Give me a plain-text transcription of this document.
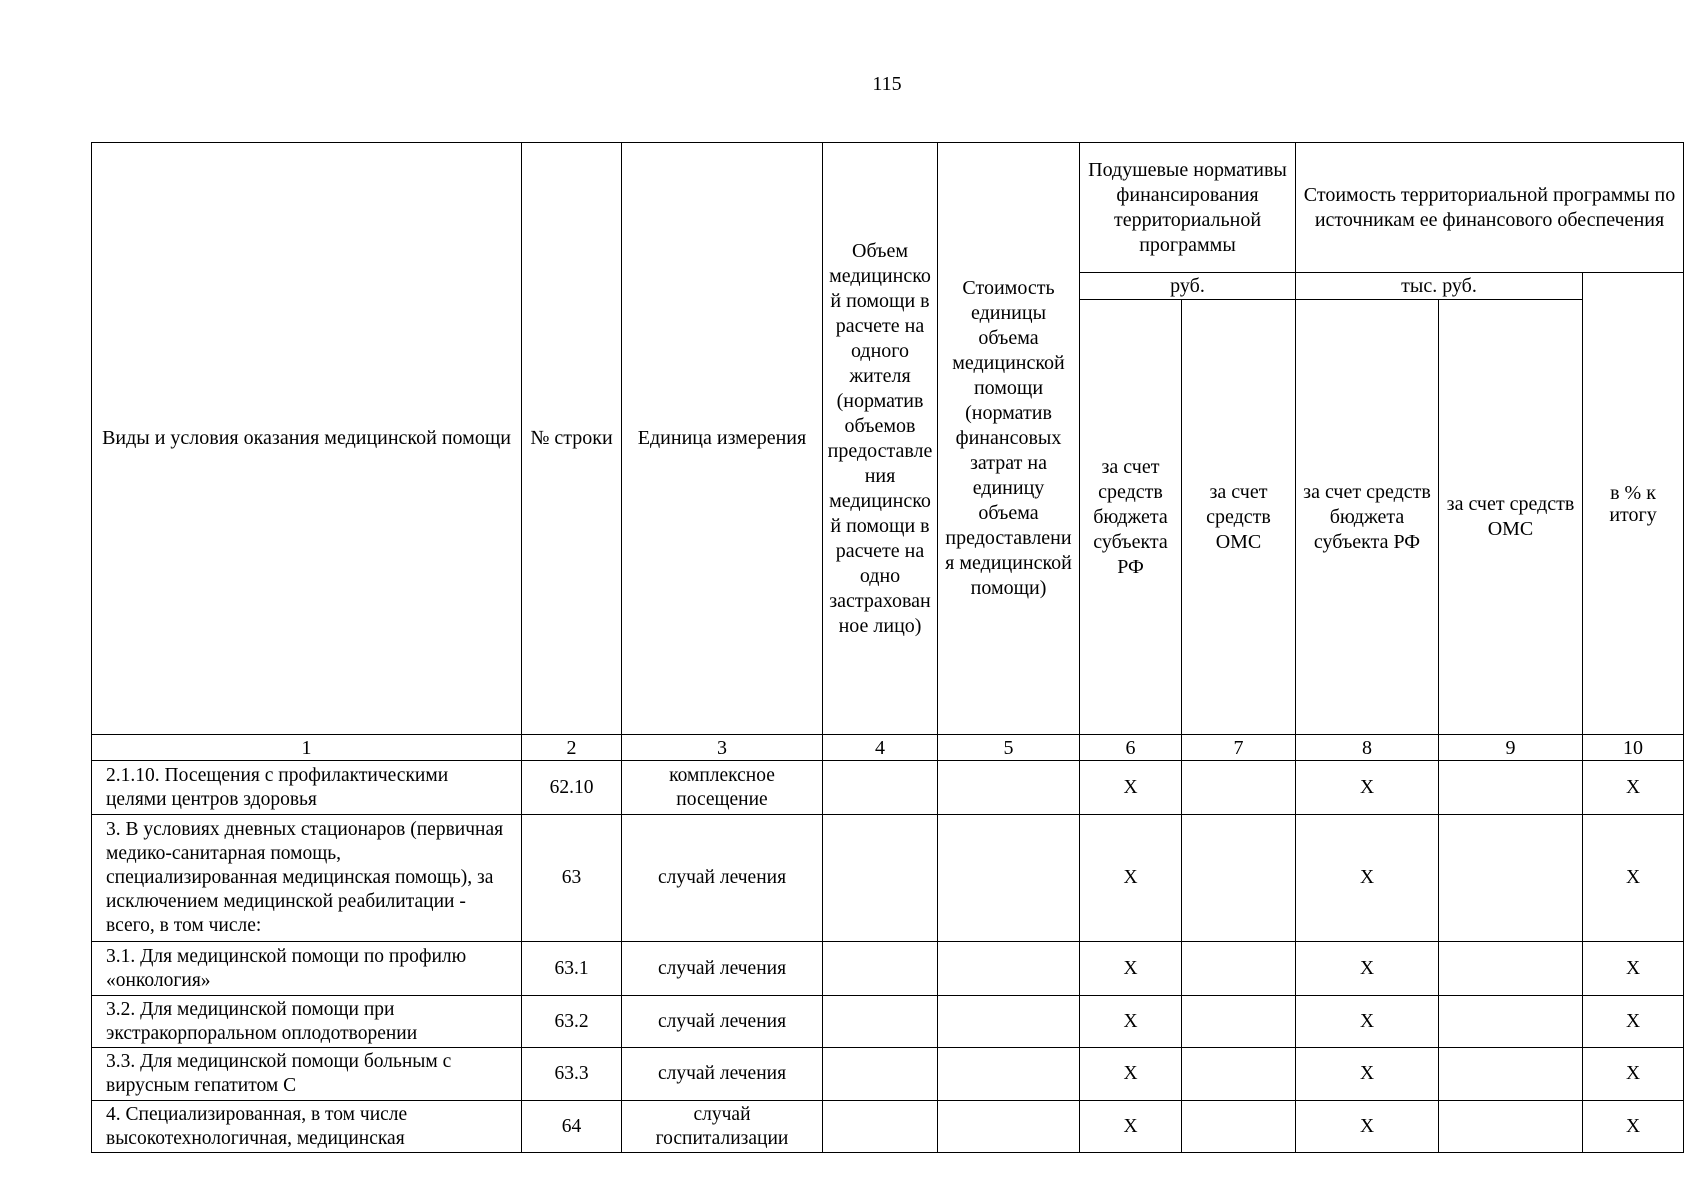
115
Виды и условия оказания медицинской помощи	№ строки	Единица измерения	Объем медицинской помощи в расчете на одного жителя (норматив объемов предоставления медицинской помощи в расчете на одно застрахованное лицо)	Стоимость единицы объема медицинской помощи (норматив финансовых затрат на единицу объема предоставления медицинской помощи)	Подушевые нормативы финансирования территориальной программы		Стоимость территориальной программы по источникам ее финансового обеспечения		
					руб.		тыс. руб.		в % к итогу
					за счет средств бюджета субъекта РФ	за счет средств ОМС	за счет средств бюджета субъекта РФ	за счет средств ОМС	
1	2	3	4	5	6	7	8	9	10
2.1.10. Посещения с профилактическими целями центров здоровья	62.10	комплексное посещение			X		X		X
3. В условиях дневных стационаров (первичная медико-санитарная помощь, специализированная медицинская помощь), за исключением медицинской реабилитации - всего, в том числе:	63	случай лечения			X		X		X
3.1. Для медицинской помощи по профилю «онкология»	63.1	случай лечения			X		X		X
3.2. Для медицинской помощи при экстракорпоральном оплодотворении	63.2	случай лечения			X		X		X
3.3. Для медицинской помощи больным с вирусным гепатитом С	63.3	случай лечения			X		X		X
4. Специализированная, в том числе высокотехнологичная, медицинская	64	случай госпитализации			X		X		X
